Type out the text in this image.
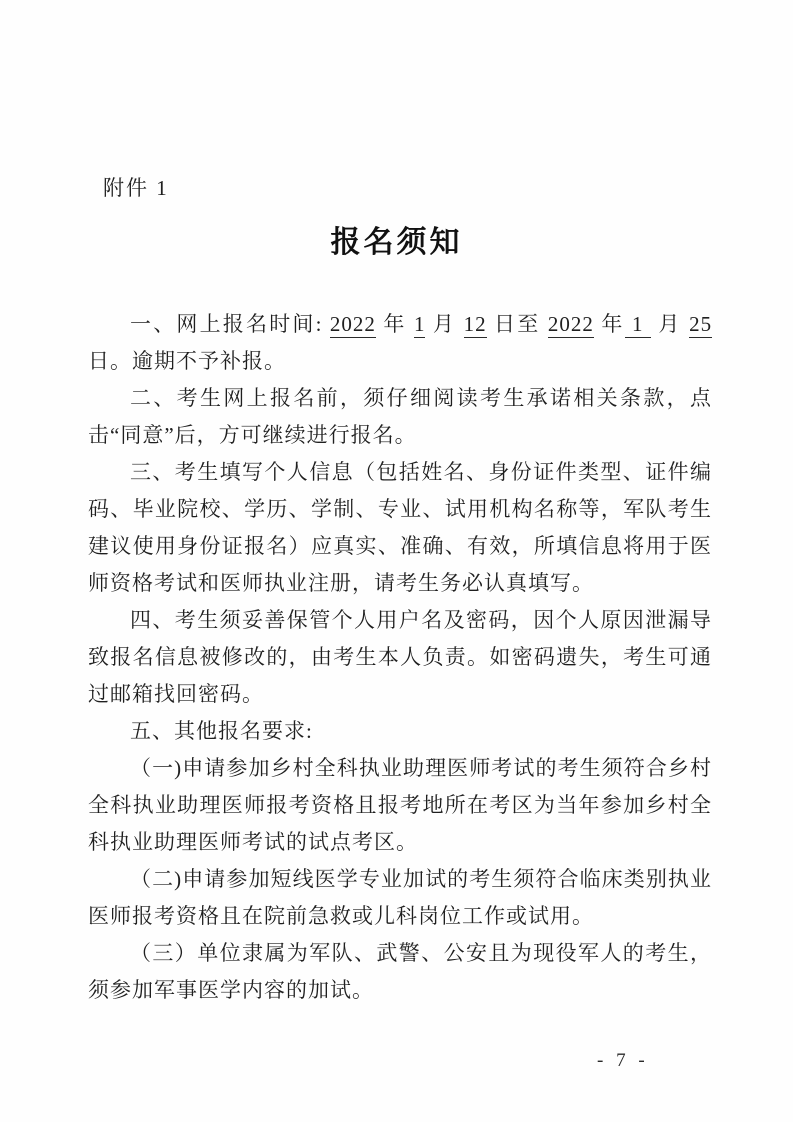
附件 1
报名须知

一、网上报名时间: 2022 年 1 月 12 日至 2022 年 1  月 25 日。逾期不予补报。

二、考生网上报名前，须仔细阅读考生承诺相关条款，点击“同意”后，方可继续进行报名。

三、考生填写个人信息（包括姓名、身份证件类型、证件编码、毕业院校、学历、学制、专业、试用机构名称等，军队考生建议使用身份证报名）应真实、准确、有效，所填信息将用于医师资格考试和医师执业注册，请考生务必认真填写。

四、考生须妥善保管个人用户名及密码，因个人原因泄漏导致报名信息被修改的，由考生本人负责。如密码遗失，考生可通过邮箱找回密码。

五、其他报名要求:

（一)申请参加乡村全科执业助理医师考试的考生须符合乡村全科执业助理医师报考资格且报考地所在考区为当年参加乡村全科执业助理医师考试的试点考区。

（二)申请参加短线医学专业加试的考生须符合临床类别执业医师报考资格且在院前急救或儿科岗位工作或试用。

（三）单位隶属为军队、武警、公安且为现役军人的考生，须参加军事医学内容的加试。

- 7 -
